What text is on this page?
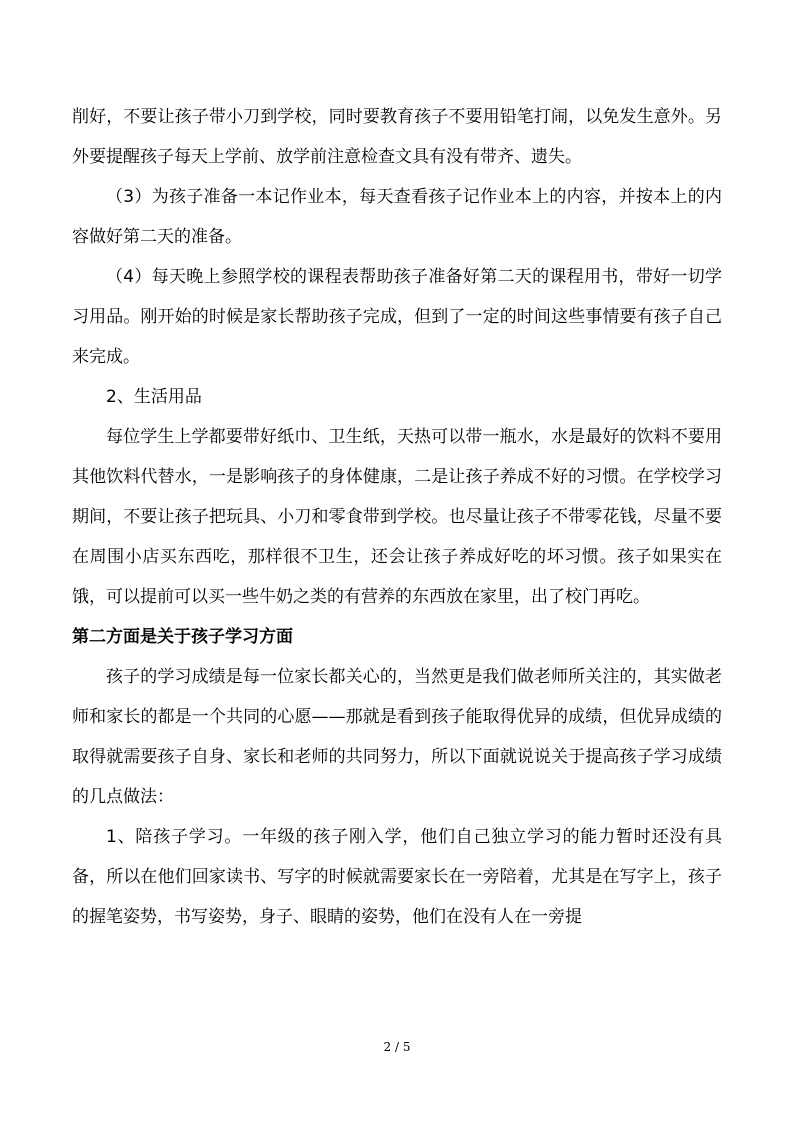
削好，不要让孩子带小刀到学校，同时要教育孩子不要用铅笔打闹，以免发生意外。另外要提醒孩子每天上学前、放学前注意检查文具有没有带齐、遗失。

（3）为孩子准备一本记作业本，每天查看孩子记作业本上的内容，并按本上的内容做好第二天的准备。

（4）每天晚上参照学校的课程表帮助孩子准备好第二天的课程用书，带好一切学习用品。刚开始的时候是家长帮助孩子完成，但到了一定的时间这些事情要有孩子自己来完成。

2、生活用品

每位学生上学都要带好纸巾、卫生纸，天热可以带一瓶水，水是最好的饮料不要用其他饮料代替水，一是影响孩子的身体健康，二是让孩子养成不好的习惯。在学校学习期间，不要让孩子把玩具、小刀和零食带到学校。也尽量让孩子不带零花钱，尽量不要在周围小店买东西吃，那样很不卫生，还会让孩子养成好吃的坏习惯。孩子如果实在饿，可以提前可以买一些牛奶之类的有营养的东西放在家里，出了校门再吃。

第二方面是关于孩子学习方面

孩子的学习成绩是每一位家长都关心的，当然更是我们做老师所关注的，其实做老师和家长的都是一个共同的心愿——那就是看到孩子能取得优异的成绩，但优异成绩的取得就需要孩子自身、家长和老师的共同努力，所以下面就说说关于提高孩子学习成绩的几点做法：

1、陪孩子学习。一年级的孩子刚入学，他们自己独立学习的能力暂时还没有具备，所以在他们回家读书、写字的时候就需要家长在一旁陪着，尤其是在写字上，孩子的握笔姿势，书写姿势，身子、眼睛的姿势，他们在没有人在一旁提

2 / 5
